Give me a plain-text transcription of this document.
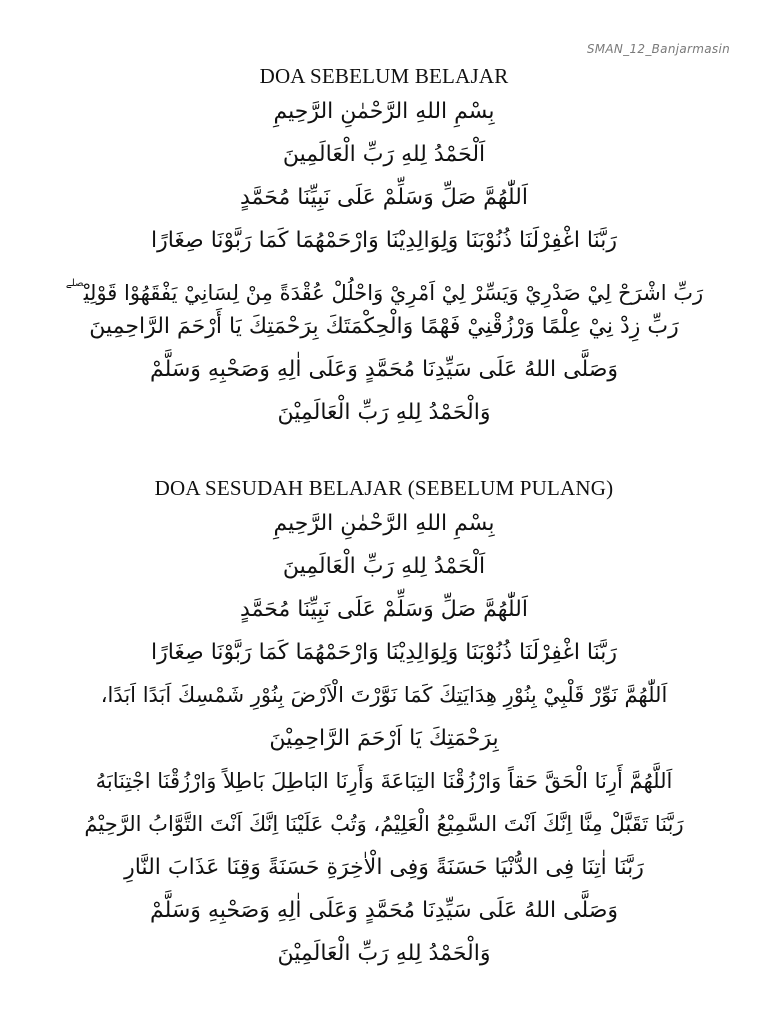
SMAN_12_Banjarmasin
DOA SEBELUM BELAJAR

بِسْمِ اللهِ الرَّحْمٰنِ الرَّحِيمِ

اَلْحَمْدُ لِلهِ رَبِّ الْعَالَمِينَ

اَللّٰهُمَّ صَلِّ وَسَلِّمْ عَلَى نَبِيِّنَا مُحَمَّدٍ

رَبَّنَا اغْفِرْلَنَا ذُنُوْبَنَا وَلِوَالِدِيْنَا وَارْحَمْهُمَا كَمَا رَبَّوْنَا صِغَارًا

رَبِّ اشْرَحْ لِيْ صَدْرِيْ وَيَسِّرْ لِيْ اَمْرِيْ وَاحْلُلْ عُقْدَةً مِنْ لِسَانِيْ يَفْقَهُوْا قَوْلِيْ$^{صلے}$

رَبِّ زِدْ نِيْ عِلْمًا وَرْزُقْنِيْ فَهْمًا وَالْحِكْمَتَكَ بِرَحْمَتِكَ يَا أَرْحَمَ الرَّاحِمِينَ

وَصَلَّى اللهُ عَلَى سَيِّدِنَا مُحَمَّدٍ وَعَلَى اٰلِهِ وَصَحْبِهِ وَسَلَّمْ

وَالْحَمْدُ لِلهِ رَبِّ الْعَالَمِيْنَ

DOA SESUDAH BELAJAR (SEBELUM PULANG)

بِسْمِ اللهِ الرَّحْمٰنِ الرَّحِيمِ

اَلْحَمْدُ لِلهِ رَبِّ الْعَالَمِينَ

اَللّٰهُمَّ صَلِّ وَسَلِّمْ عَلَى نَبِيِّنَا مُحَمَّدٍ

رَبَّنَا اغْفِرْلَنَا ذُنُوْبَنَا وَلِوَالِدِيْنَا وَارْحَمْهُمَا كَمَا رَبَّوْنَا صِغَارًا

اَللّٰهُمَّ نَوِّرْ قَلْبِيْ بِنُوْرِ هِدَايَتِكَ كَمَا نَوَّرْتَ الْاَرْضَ بِنُوْرِ شَمْسِكَ اَبَدًا اَبَدًا،

بِرَحْمَتِكَ يَا اَرْحَمَ الرَّاحِمِيْنَ

اَللَّهُمَّ أَرِنَا الْحَقَّ حَقاً وَارْزُقْنَا التِبَاعَةَ وَأَرِنَا البَاطِلَ بَاطِلاً وَارْزُقْنَا اجْتِنَابَهُ

رَبَّنَا تَقَبَّلْ مِنَّا اِنَّكَ اَنْتَ السَّمِيْعُ الْعَلِيْمُ، وَتُبْ عَلَيْنَا اِنَّكَ اَنْتَ التَّوَّابُ الرَّحِيْمُ

رَبَّنَا اٰتِنَا فِى الدُّنْيَا حَسَنَةً وَفِى الْاٰخِرَةِ حَسَنَةً وَقِنَا عَذَابَ النَّارِ

وَصَلَّى اللهُ عَلَى سَيِّدِنَا مُحَمَّدٍ وَعَلَى اٰلِهِ وَصَحْبِهِ وَسَلَّمْ

وَالْحَمْدُ لِلهِ رَبِّ الْعَالَمِيْنَ
